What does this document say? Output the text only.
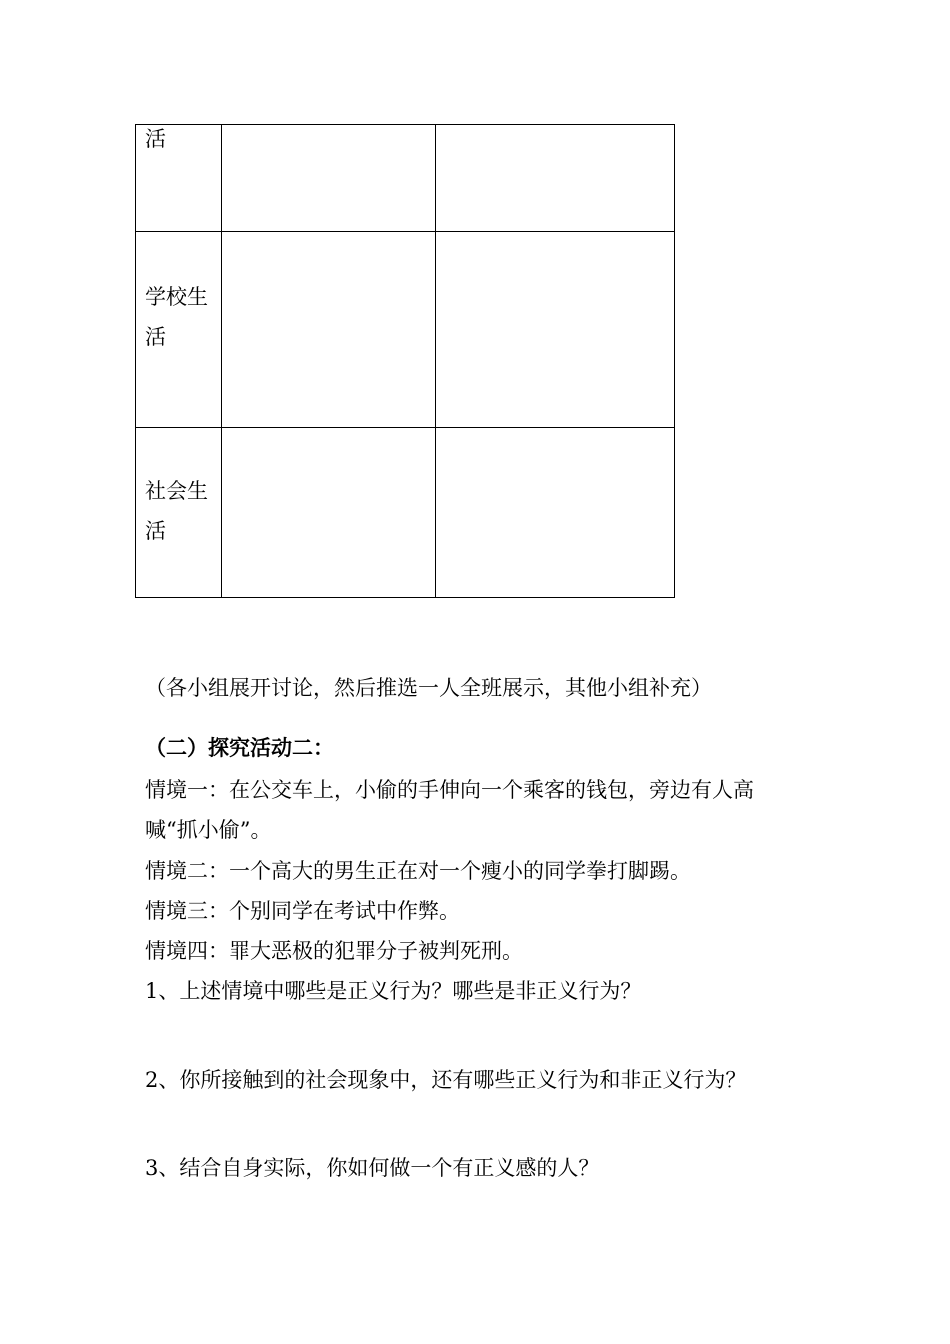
活		

学校生活		

社会生活		

（各小组展开讨论，然后推选一人全班展示，其他小组补充）
（二）探究活动二：
情境一：在公交车上，小偷的手伸向一个乘客的钱包，旁边有人高
喊“抓小偷”。
情境二：一个高大的男生正在对一个瘦小的同学拳打脚踢。
情境三：个别同学在考试中作弊。
情境四：罪大恶极的犯罪分子被判死刑。
1、上述情境中哪些是正义行为？哪些是非正义行为？
2、你所接触到的社会现象中，还有哪些正义行为和非正义行为？
3、结合自身实际，你如何做一个有正义感的人？
